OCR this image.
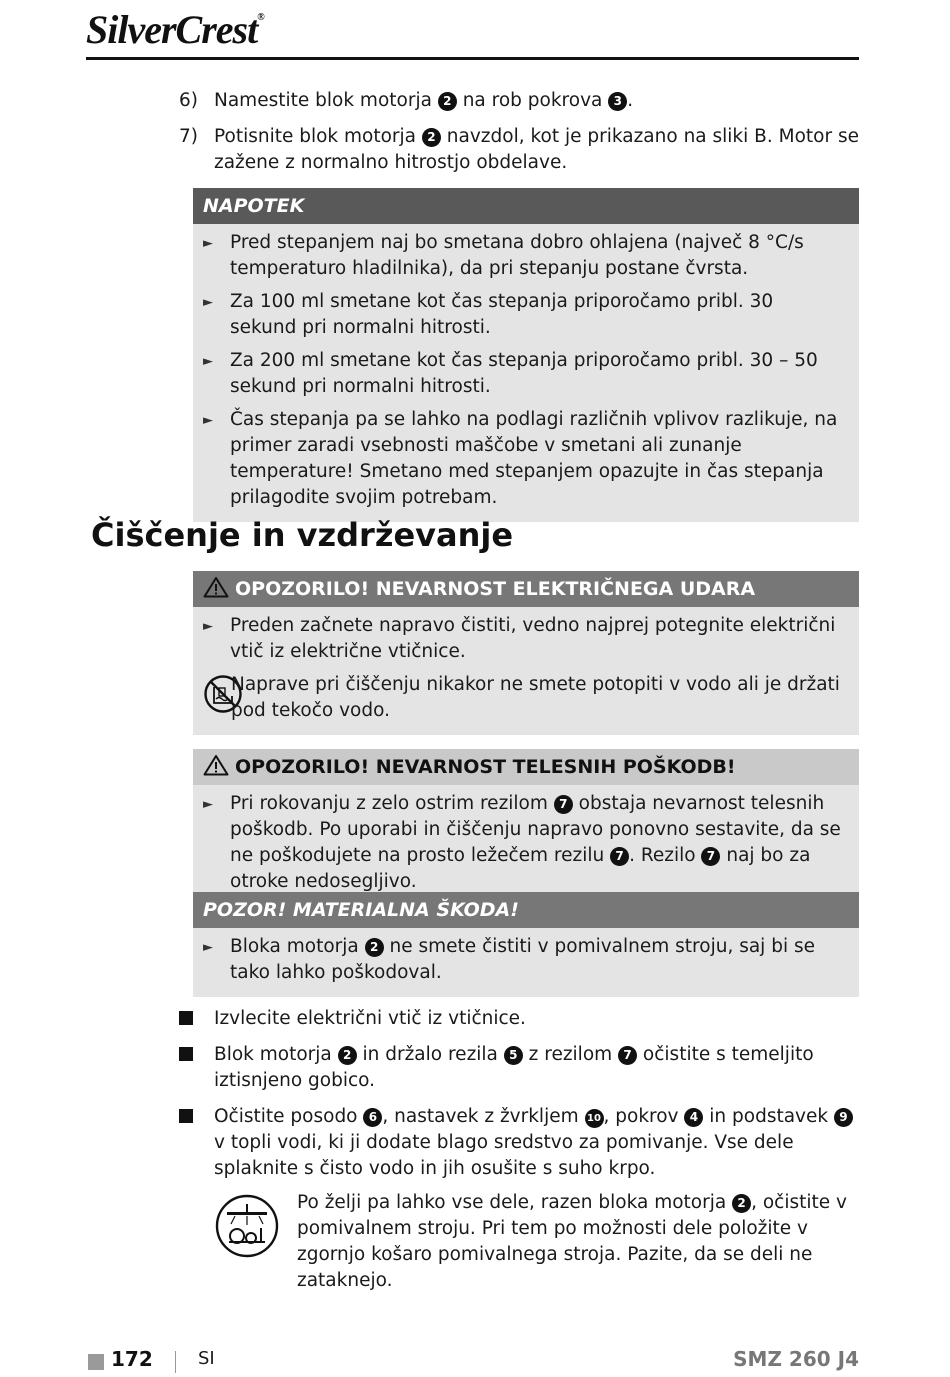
SilverCrest®
6) Namestite blok motorja 2 na rob pokrova 3 .
7) Potisnite blok motorja 2 navzdol, kot je prikazano na sliki B. Motor se zažene z normalno hitrostjo obdelave.
NAPOTEK
► Pred stepanjem naj bo smetana dobro ohlajena (največ 8 °C/s temperaturo hladilnika), da pri stepanju postane čvrsta.
► Za 100 ml smetane kot čas stepanja priporočamo pribl. 30 sekund pri normalni hitrosti.
► Za 200 ml smetane kot čas stepanja priporočamo pribl. 30 – 50 sekund pri normalni hitrosti.
► Čas stepanja pa se lahko na podlagi različnih vplivov razlikuje, na primer zaradi vsebnosti maščobe v smetani ali zunanje temperature! Smetano med stepanjem opazujte in čas stepanja prilagodite svojim potrebam.
Čiščenje in vzdrževanje
OPOZORILO! NEVARNOST ELEKTRIČNEGA UDARA
► Preden začnete napravo čistiti, vedno najprej potegnite električni vtič iz električne vtičnice.
Naprave pri čiščenju nikakor ne smete potopiti v vodo ali je držati pod tekočo vodo.
OPOZORILO! NEVARNOST TELESNIH POŠKODB!
► Pri rokovanju z zelo ostrim rezilom 7 obstaja nevarnost telesnih poškodb. Po uporabi in čiščenju napravo ponovno sestavite, da se ne poškodujete na prosto ležečem rezilu 7 . Rezilo 7 naj bo za otroke nedosegljivo.
POZOR! MATERIALNA ŠKODA!
► Bloka motorja 2 ne smete čistiti v pomivalnem stroju, saj bi se tako lahko poškodoval.
Izvlecite električni vtič iz vtičnice.
Blok motorja 2 in držalo rezila 5 z rezilom 7 očistite s temeljito iztisnjeno gobico.
Očistite posodo 6 , nastavek z žvrkljem 10 , pokrov 4 in podstavek 9 v topli vodi, ki ji dodate blago sredstvo za pomivanje. Vse dele splaknite s čisto vodo in jih osušite s suho krpo.
Po želji pa lahko vse dele, razen bloka motorja 2 , očistite v pomivalnem stroju. Pri tem po možnosti dele položite v zgornjo košaro pomivalnega stroja. Pazite, da se deli ne zataknejo.
172	SI	SMZ 260 J4
